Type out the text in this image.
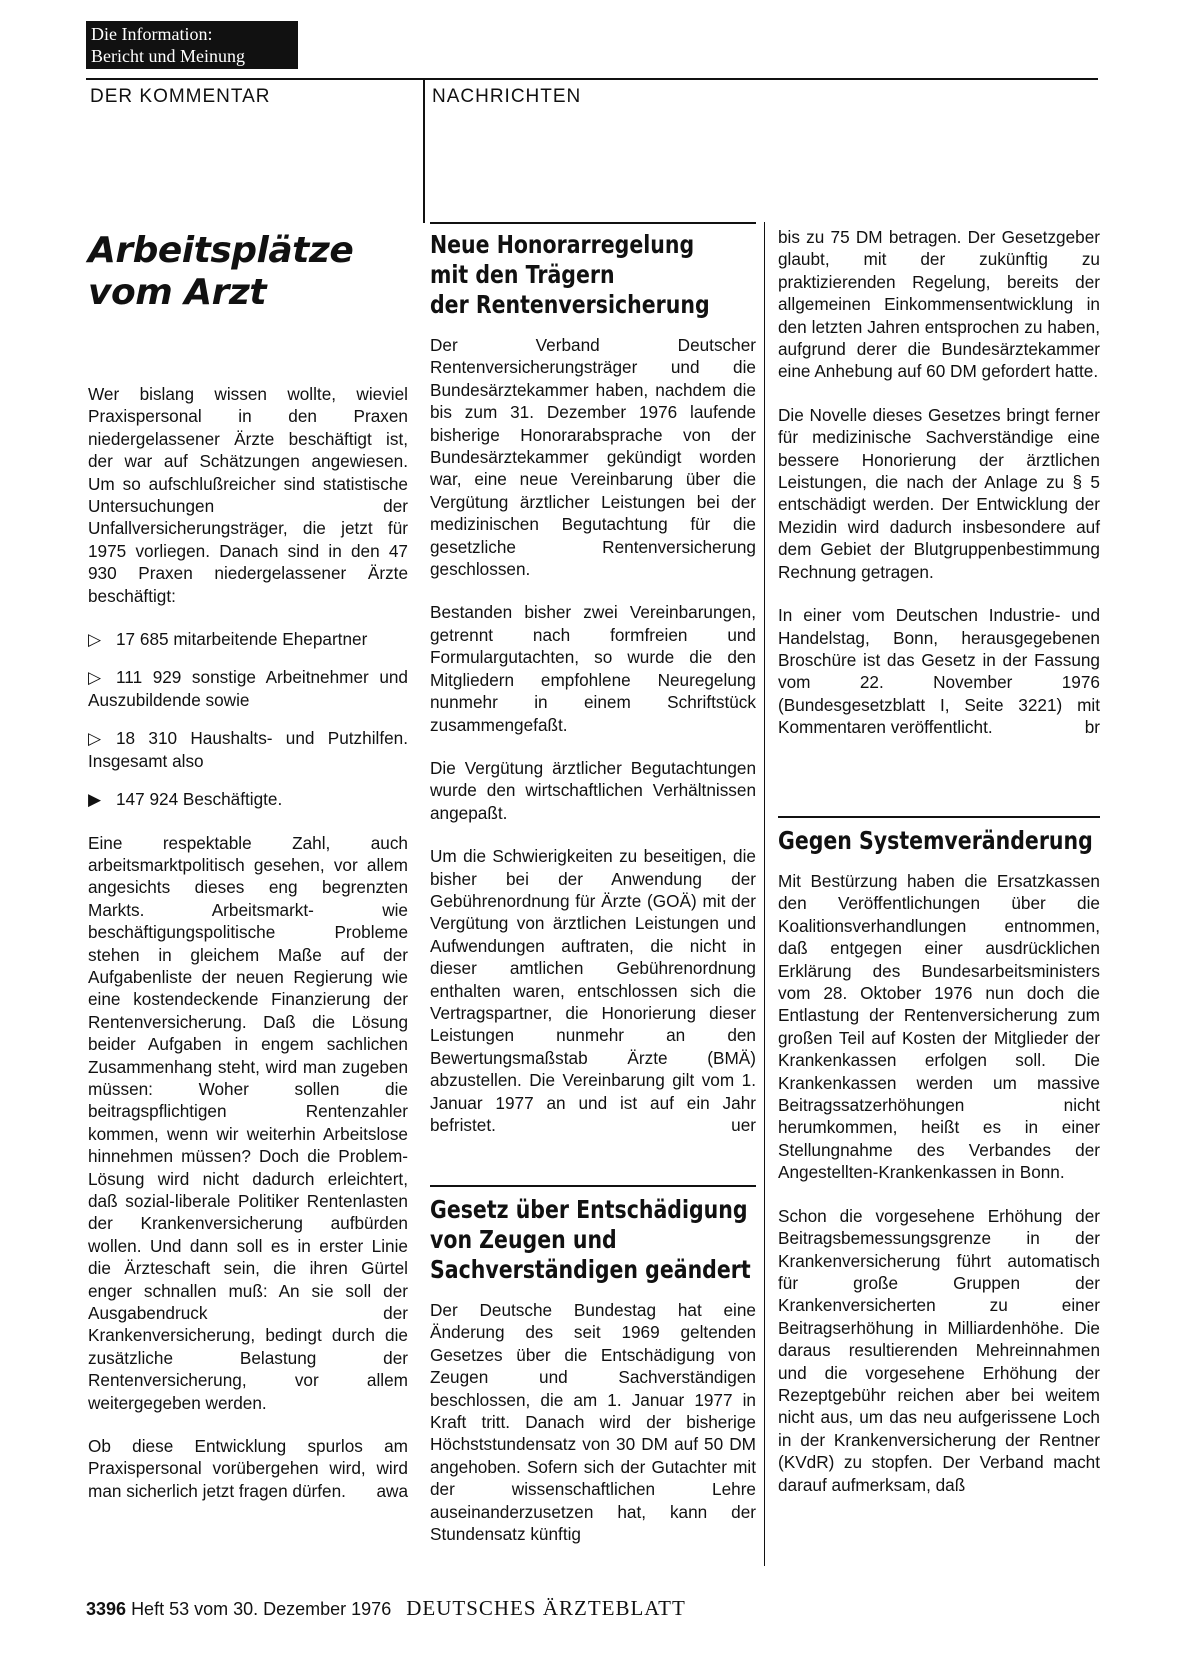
Die Information:
Bericht und Meinung
DER KOMMENTAR	NACHRICHTEN
Arbeitsplätze
vom Arzt

Wer bislang wissen wollte, wieviel Praxispersonal in den Praxen niedergelassener Ärzte beschäftigt ist, der war auf Schätzungen angewiesen. Um so aufschlußreicher sind statistische Untersuchungen der Unfallversicherungsträger, die jetzt für 1975 vorliegen. Danach sind in den 47 930 Praxen niedergelassener Ärzte beschäftigt:

▷ 17 685 mitarbeitende Ehepartner

▷ 111 929 sonstige Arbeitnehmer und Auszubildende sowie

▷ 18 310 Haushalts- und Putzhilfen. Insgesamt also

▶ 147 924 Beschäftigte.

Eine respektable Zahl, auch arbeitsmarktpolitisch gesehen, vor allem angesichts dieses eng begrenzten Markts. Arbeitsmarkt- wie beschäftigungspolitische Probleme stehen in gleichem Maße auf der Aufgabenliste der neuen Regierung wie eine kostendeckende Finanzierung der Rentenversicherung. Daß die Lösung beider Aufgaben in engem sachlichen Zusammenhang steht, wird man zugeben müssen: Woher sollen die beitragspflichtigen Rentenzahler kommen, wenn wir weiterhin Arbeitslose hinnehmen müssen? Doch die Problem-Lösung wird nicht dadurch erleichtert, daß sozial-liberale Politiker Rentenlasten der Krankenversicherung aufbürden wollen. Und dann soll es in erster Linie die Ärzteschaft sein, die ihren Gürtel enger schnallen muß: An sie soll der Ausgabendruck der Krankenversicherung, bedingt durch die zusätzliche Belastung der Rentenversicherung, vor allem weitergegeben werden.

Ob diese Entwicklung spurlos am Praxispersonal vorübergehen wird, wird man sicherlich jetzt fragen dürfen. awa

Neue Honorarregelung
mit den Trägern
der Rentenversicherung

Der Verband Deutscher Rentenversicherungsträger und die Bundesärztekammer haben, nachdem die bis zum 31. Dezember 1976 laufende bisherige Honorarabsprache von der Bundesärztekammer gekündigt worden war, eine neue Vereinbarung über die Vergütung ärztlicher Leistungen bei der medizinischen Begutachtung für die gesetzliche Rentenversicherung geschlossen.

Bestanden bisher zwei Vereinbarungen, getrennt nach formfreien und Formulargutachten, so wurde die den Mitgliedern empfohlene Neuregelung nunmehr in einem Schriftstück zusammengefaßt.

Die Vergütung ärztlicher Begutachtungen wurde den wirtschaftlichen Verhältnissen angepaßt.

Um die Schwierigkeiten zu beseitigen, die bisher bei der Anwendung der Gebührenordnung für Ärzte (GOÄ) mit der Vergütung von ärztlichen Leistungen und Aufwendungen auftraten, die nicht in dieser amtlichen Gebührenordnung enthalten waren, entschlossen sich die Vertragspartner, die Honorierung dieser Leistungen nunmehr an den Bewertungsmaßstab Ärzte (BMÄ) abzustellen. Die Vereinbarung gilt vom 1. Januar 1977 an und ist auf ein Jahr befristet.	uer

Gesetz über Entschädigung
von Zeugen und
Sachverständigen geändert

Der Deutsche Bundestag hat eine Änderung des seit 1969 geltenden Gesetzes über die Entschädigung von Zeugen und Sachverständigen beschlossen, die am 1. Januar 1977 in Kraft tritt. Danach wird der bisherige Höchststundensatz von 30 DM auf 50 DM angehoben. Sofern sich der Gutachter mit der wissenschaftlichen Lehre auseinanderzusetzen hat, kann der Stundensatz künftig

bis zu 75 DM betragen. Der Gesetzgeber glaubt, mit der zukünftig zu praktizierenden Regelung, bereits der allgemeinen Einkommensentwicklung in den letzten Jahren entsprochen zu haben, aufgrund derer die Bundesärztekammer eine Anhebung auf 60 DM gefordert hatte.

Die Novelle dieses Gesetzes bringt ferner für medizinische Sachverständige eine bessere Honorierung der ärztlichen Leistungen, die nach der Anlage zu § 5 entschädigt werden. Der Entwicklung der Mezidin wird dadurch insbesondere auf dem Gebiet der Blutgruppenbestimmung Rechnung getragen.

In einer vom Deutschen Industrie- und Handelstag, Bonn, herausgegebenen Broschüre ist das Gesetz in der Fassung vom 22. November 1976 (Bundesgesetzblatt I, Seite 3221) mit Kommentaren veröffentlicht.	br

Gegen Systemveränderung

Mit Bestürzung haben die Ersatzkassen den Veröffentlichungen über die Koalitionsverhandlungen entnommen, daß entgegen einer ausdrücklichen Erklärung des Bundesarbeitsministers vom 28. Oktober 1976 nun doch die Entlastung der Rentenversicherung zum großen Teil auf Kosten der Mitglieder der Krankenkassen erfolgen soll. Die Krankenkassen werden um massive Beitragssatzerhöhungen nicht herumkommen, heißt es in einer Stellungnahme des Verbandes der Angestellten-Krankenkassen in Bonn.

Schon die vorgesehene Erhöhung der Beitragsbemessungsgrenze in der Krankenversicherung führt automatisch für große Gruppen der Krankenversicherten zu einer Beitragserhöhung in Milliardenhöhe. Die daraus resultierenden Mehreinnahmen und die vorgesehene Erhöhung der Rezeptgebühr reichen aber bei weitem nicht aus, um das neu aufgerissene Loch in der Krankenversicherung der Rentner (KVdR) zu stopfen. Der Verband macht darauf aufmerksam, daß

3396 Heft 53 vom 30. Dezember 1976 DEUTSCHES ÄRZTEBLATT
